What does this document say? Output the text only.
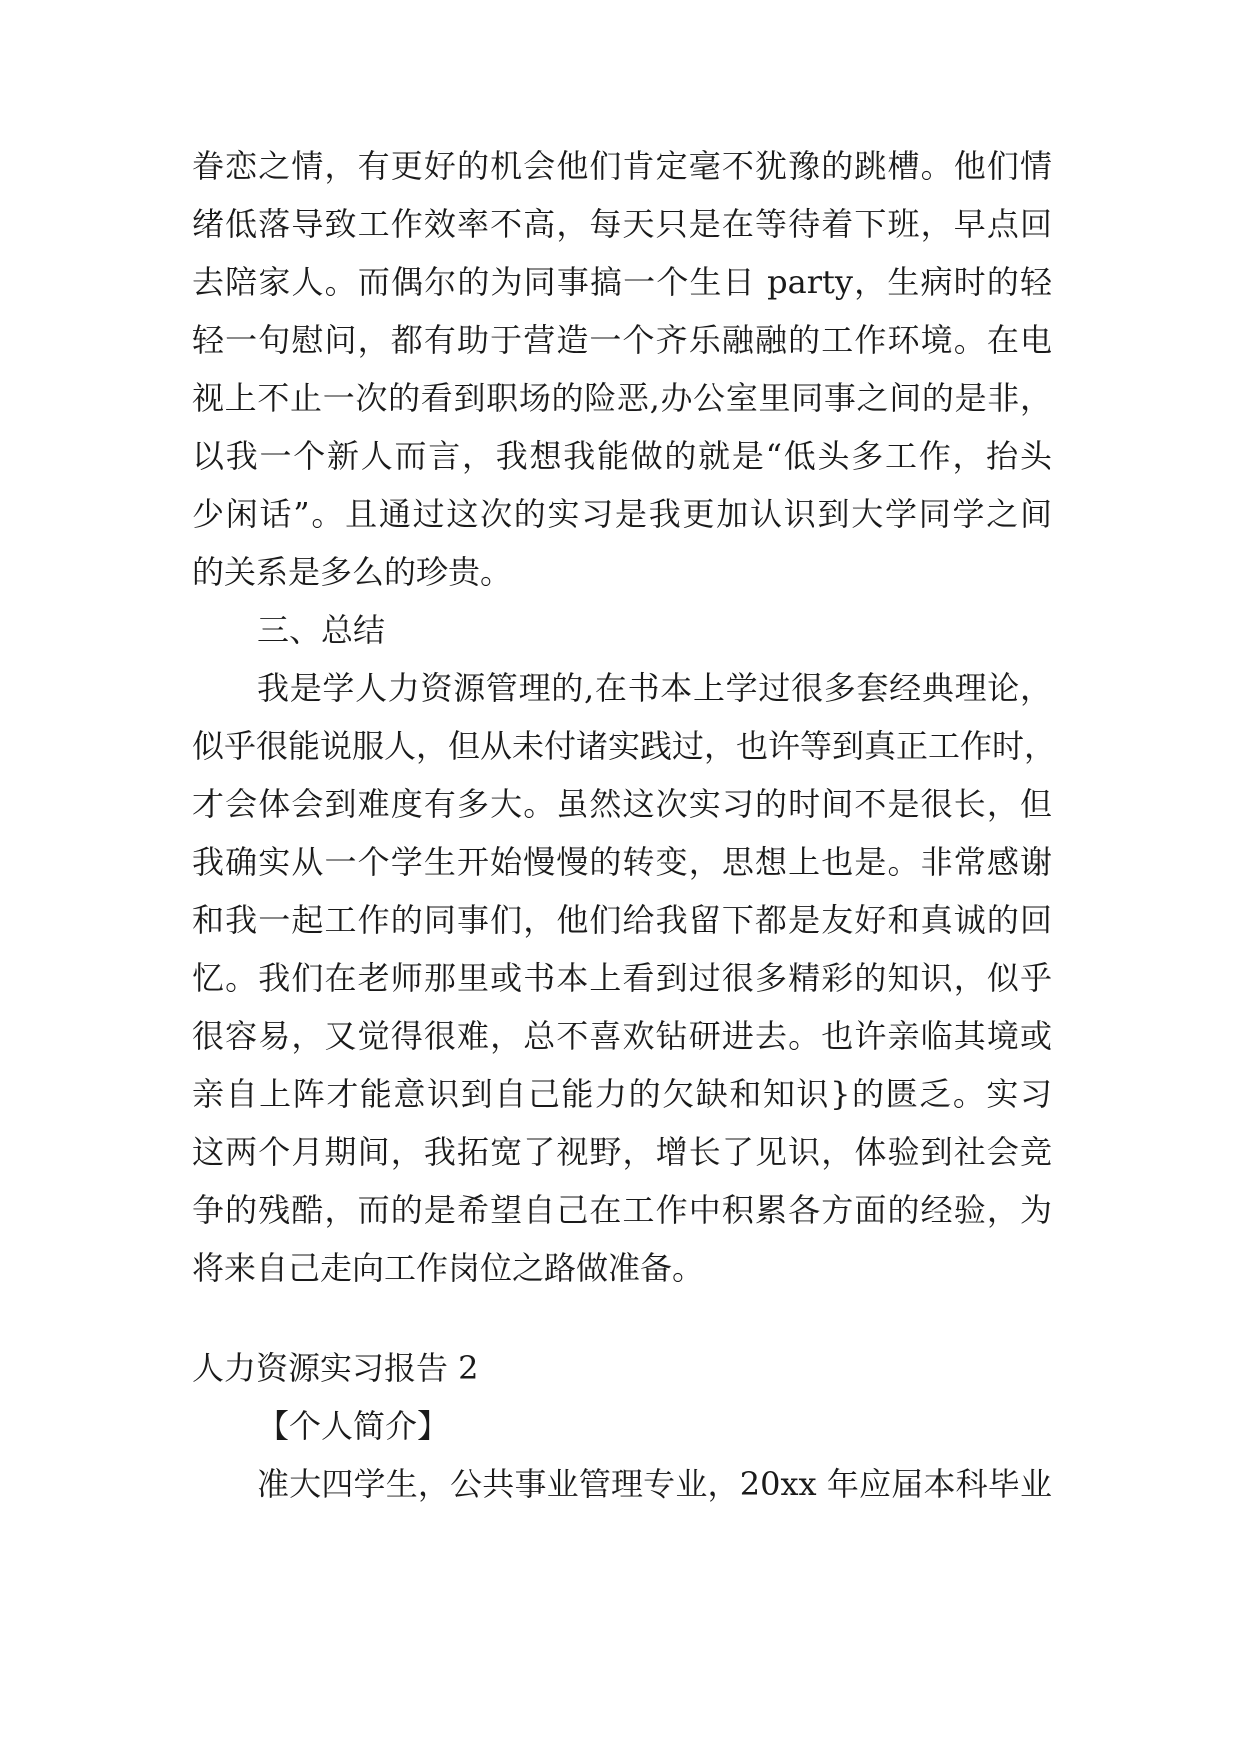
眷恋之情，有更好的机会他们肯定毫不犹豫的跳槽。他们情

绪低落导致工作效率不高，每天只是在等待着下班，早点回

去陪家人。而偶尔的为同事搞一个生日 party，生病时的轻

轻一句慰问，都有助于营造一个齐乐融融的工作环境。在电

视上不止一次的看到职场的险恶,办公室里同事之间的是非，

以我一个新人而言，我想我能做的就是“低头多工作，抬头

少闲话”。且通过这次的实习是我更加认识到大学同学之间

的关系是多么的珍贵。

三、总结

我是学人力资源管理的,在书本上学过很多套经典理论，

似乎很能说服人，但从未付诸实践过，也许等到真正工作时，

才会体会到难度有多大。虽然这次实习的时间不是很长，但

我确实从一个学生开始慢慢的转变，思想上也是。非常感谢

和我一起工作的同事们，他们给我留下都是友好和真诚的回

忆。我们在老师那里或书本上看到过很多精彩的知识，似乎

很容易，又觉得很难，总不喜欢钻研进去。也许亲临其境或

亲自上阵才能意识到自己能力的欠缺和知识}的匮乏。实习

这两个月期间，我拓宽了视野，增长了见识，体验到社会竞

争的残酷，而的是希望自己在工作中积累各方面的经验，为

将来自己走向工作岗位之路做准备。

人力资源实习报告 2

【个人简介】

准大四学生，公共事业管理专业，20xx 年应届本科毕业
